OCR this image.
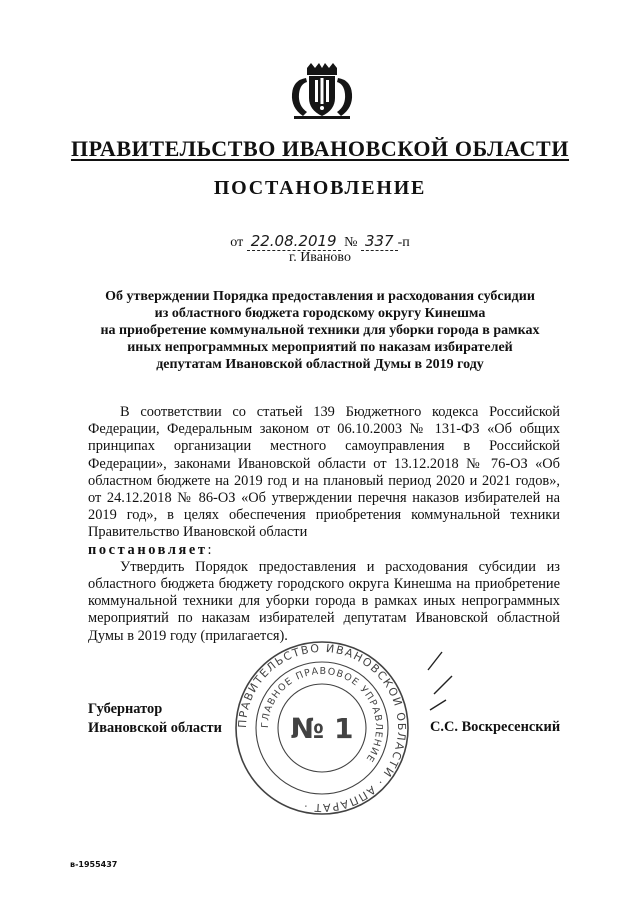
ПРАВИТЕЛЬСТВО ИВАНОВСКОЙ ОБЛАСТИ
ПОСТАНОВЛЕНИЕ
от 22.08.2019 № 337 -п
г. Иваново
Об утверждении Порядка предоставления и расходования субсидии
из областного бюджета городскому округу Кинешма
на приобретение коммунальной техники для уборки города в рамках
иных непрограммных мероприятий по наказам избирателей
депутатам Ивановской областной Думы в 2019 году

В соответствии со статьей 139 Бюджетного кодекса Российской Федерации, Федеральным законом от 06.10.2003 № 131-ФЗ «Об общих принципах организации местного самоуправления в Российской Федерации», законами Ивановской области от 13.12.2018 № 76-ОЗ «Об областном бюджете на 2019 год и на плановый период 2020 и 2021 годов», от 24.12.2018 № 86-ОЗ «Об утверждении перечня наказов избирателей на 2019 год», в целях обеспечения приобретения коммунальной техники Правительство Ивановской области

постановляет:

Утвердить Порядок предоставления и расходования субсидии из областного бюджета бюджету городского округа Кинешма на приобретение коммунальной техники для уборки города в рамках иных непрограммных мероприятий по наказам избирателей депутатам Ивановской областной Думы в 2019 году (прилагается).

ПРАВИТЕЛЬСТВО ИВАНОВСКОЙ ОБЛАСТИ · АППАРАТ ·
ГЛАВНОЕ ПРАВОВОЕ УПРАВЛЕНИЕ
№ 1
Губернатор
Ивановской области	С.С. Воскресенский
в-1955437
